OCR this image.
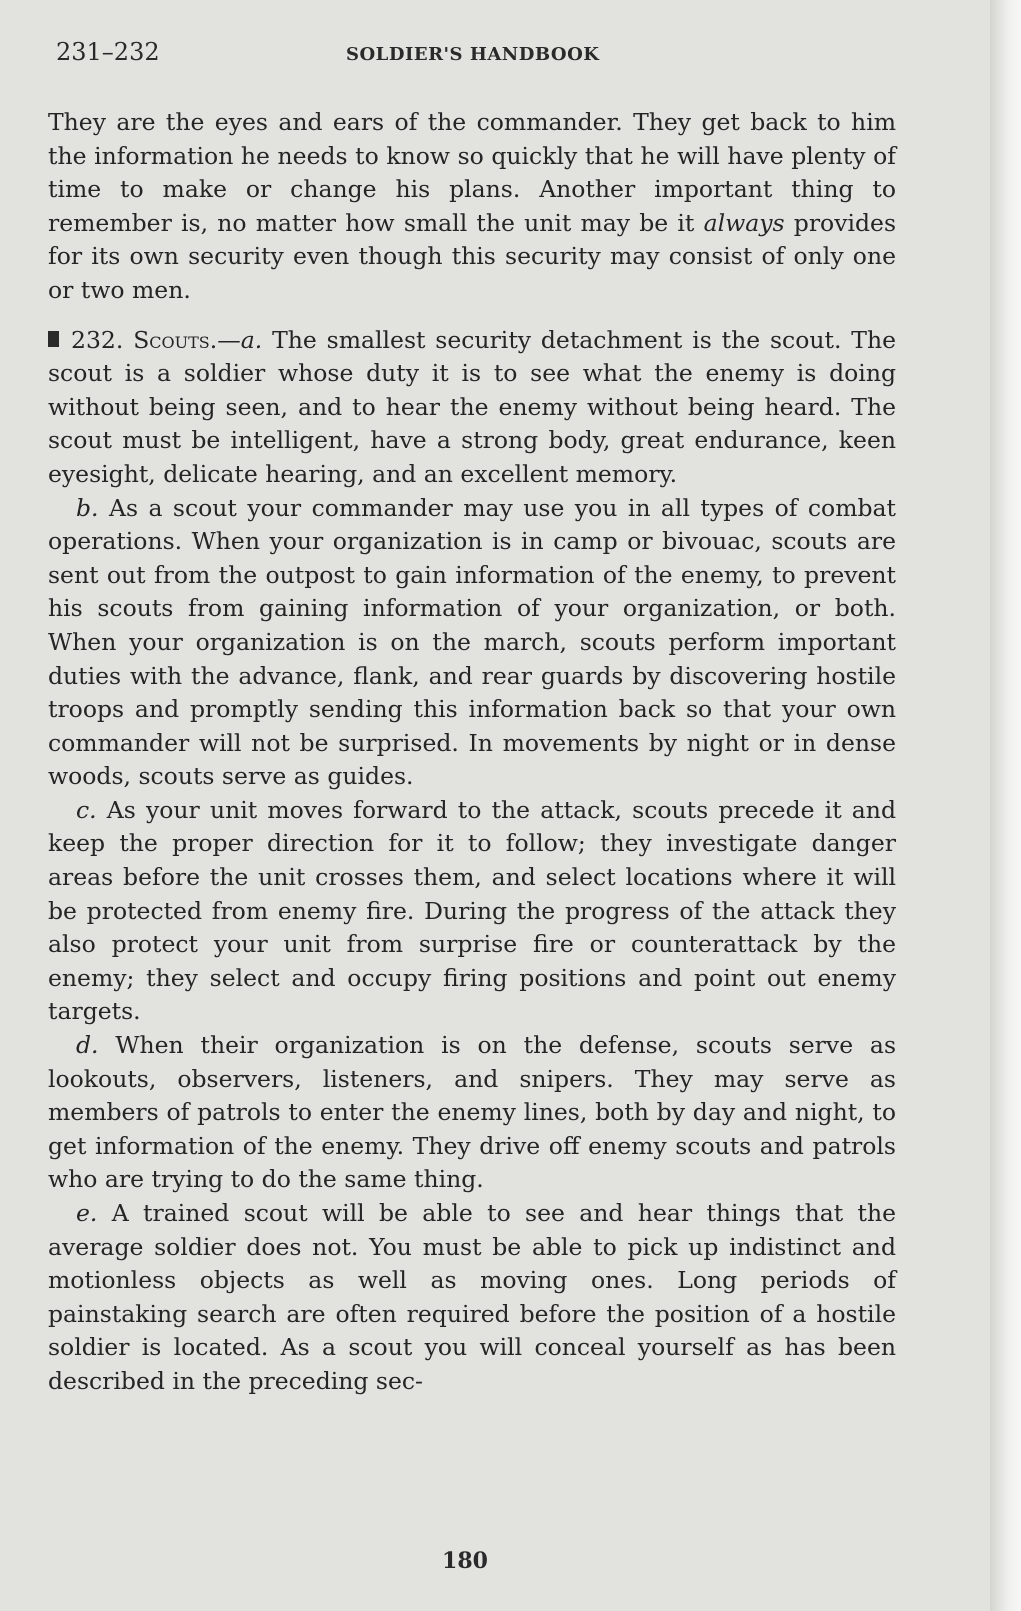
231–232	SOLDIER'S HANDBOOK

They are the eyes and ears of the commander. They get back to him the information he needs to know so quickly that he will have plenty of time to make or change his plans. Another important thing to remember is, no matter how small the unit may be it always provides for its own security even though this security may consist of only one or two men.

232. Scouts.—a. The smallest security detachment is the scout. The scout is a soldier whose duty it is to see what the enemy is doing without being seen, and to hear the enemy without being heard. The scout must be intelligent, have a strong body, great endurance, keen eyesight, delicate hearing, and an excellent memory.

b. As a scout your commander may use you in all types of combat operations. When your organization is in camp or bivouac, scouts are sent out from the outpost to gain information of the enemy, to prevent his scouts from gaining information of your organization, or both. When your organization is on the march, scouts perform important duties with the advance, flank, and rear guards by discovering hostile troops and promptly sending this information back so that your own commander will not be surprised. In movements by night or in dense woods, scouts serve as guides.

c. As your unit moves forward to the attack, scouts precede it and keep the proper direction for it to follow; they investigate danger areas before the unit crosses them, and select locations where it will be protected from enemy fire. During the progress of the attack they also protect your unit from surprise fire or counterattack by the enemy; they select and occupy firing positions and point out enemy targets.

d. When their organization is on the defense, scouts serve as lookouts, observers, listeners, and snipers. They may serve as members of patrols to enter the enemy lines, both by day and night, to get information of the enemy. They drive off enemy scouts and patrols who are trying to do the same thing.

e. A trained scout will be able to see and hear things that the average soldier does not. You must be able to pick up indistinct and motionless objects as well as moving ones. Long periods of painstaking search are often required before the position of a hostile soldier is located. As a scout you will conceal yourself as has been described in the preceding sec-

180
